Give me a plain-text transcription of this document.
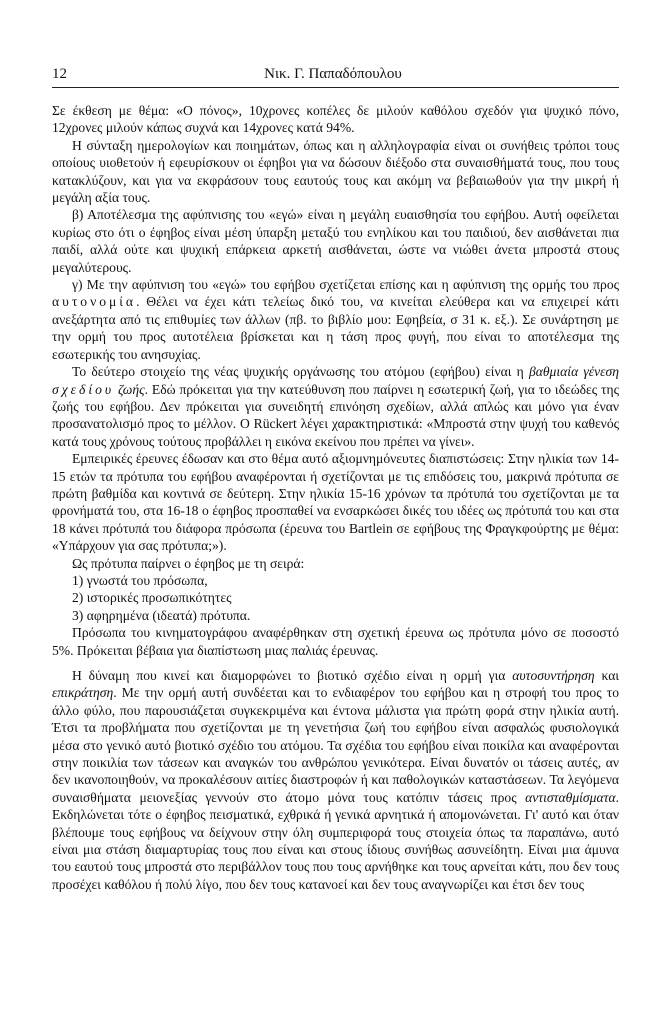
12	Νικ. Γ. Παπαδόπουλου

Σε έκθεση με θέμα: «Ο πόνος», 10χρονες κοπέλες δε μιλούν καθόλου σχεδόν για ψυχικό πόνο, 12χρονες μιλούν κάπως συχνά και 14χρονες κατά 94%.

Η σύνταξη ημερολογίων και ποιημάτων, όπως και η αλληλογραφία είναι οι συνήθεις τρόποι τους οποίους υιοθετούν ή εφευρίσκουν οι έφηβοι για να δώσουν διέξοδο στα συναισθήματά τους, που τους κατακλύζουν, και για να εκφράσουν τους εαυτούς τους και ακόμη να βεβαιωθούν για την μικρή ή μεγάλη αξία τους.

β) Αποτέλεσμα της αφύπνισης του «εγώ» είναι η μεγάλη ευαισθησία του εφήβου. Αυτή οφείλεται κυρίως στο ότι ο έφηβος είναι μέση ύπαρξη μεταξύ του ενηλίκου και του παιδιού, δεν αισθάνεται πια παιδί, αλλά ούτε και ψυχική επάρκεια αρκετή αισθάνεται, ώστε να νιώθει άνετα μπροστά στους μεγαλύτερους.

γ) Με την αφύπνιση του «εγώ» του εφήβου σχετίζεται επίσης και η αφύπνιση της ορμής του προς αυτονομία. Θέλει να έχει κάτι τελείως δικό του, να κινείται ελεύθερα και να επιχειρεί κάτι ανεξάρτητα από τις επιθυμίες των άλλων (πβ. το βιβλίο μου: Εφηβεία, σ 31 κ. εξ.). Σε συνάρτηση με την ορμή του προς αυτοτέλεια βρίσκεται και η τάση προς φυγή, που είναι το αποτέλεσμα της εσωτερικής του ανησυχίας.

Το δεύτερο στοιχείο της νέας ψυχικής οργάνωσης του ατόμου (εφήβου) είναι η βαθμιαία γένεση σχεδίου ζωής. Εδώ πρόκειται για την κατεύθυνση που παίρνει η εσωτερική ζωή, για το ιδεώδες της ζωής του εφήβου. Δεν πρόκειται για συνειδητή επινόηση σχεδίων, αλλά απλώς και μόνο για έναν προσανατολισμό προς το μέλλον. Ο Rückert λέγει χαρακτηριστικά: «Μπροστά στην ψυχή του καθενός κατά τους χρόνους τούτους προβάλλει η εικόνα εκείνου που πρέπει να γίνει».

Εμπειρικές έρευνες έδωσαν και στο θέμα αυτό αξιομνημόνευτες διαπιστώσεις: Στην ηλικία των 14-15 ετών τα πρότυπα του εφήβου αναφέρονται ή σχετίζονται με τις επιδόσεις του, μακρινά πρότυπα σε πρώτη βαθμίδα και κοντινά σε δεύτερη. Στην ηλικία 15-16 χρόνων τα πρότυπά του σχετίζονται με τα φρονήματά του, στα 16-18 ο έφηβος προσπαθεί να ενσαρκώσει δικές του ιδέες ως πρότυπά του και στα 18 κάνει πρότυπά του διάφορα πρόσωπα (έρευνα του Bartlein σε εφήβους της Φραγκφούρτης με θέμα: «Υπάρχουν για σας πρότυπα;»).

Ως πρότυπα παίρνει ο έφηβος με τη σειρά:

1) γνωστά του πρόσωπα,

2) ιστορικές προσωπικότητες

3) αφηρημένα (ιδεατά) πρότυπα.

Πρόσωπα του κινηματογράφου αναφέρθηκαν στη σχετική έρευνα ως πρότυπα μόνο σε ποσοστό 5%. Πρόκειται βέβαια για διαπίστωση μιας παλιάς έρευνας.

Η δύναμη που κινεί και διαμορφώνει το βιοτικό σχέδιο είναι η ορμή για αυτοσυντήρηση και επικράτηση. Με την ορμή αυτή συνδέεται και το ενδιαφέρον του εφήβου και η στροφή του προς το άλλο φύλο, που παρουσιάζεται συγκεκριμένα και έντονα μάλιστα για πρώτη φορά στην ηλικία αυτή. Έτσι τα προβλήματα που σχετίζονται με τη γενετήσια ζωή του εφήβου είναι ασφαλώς φυσιολογικά μέσα στο γενικό αυτό βιοτικό σχέδιο του ατόμου. Τα σχέδια του εφήβου είναι ποικίλα και αναφέρονται στην ποικιλία των τάσεων και αναγκών του ανθρώπου γενικότερα. Είναι δυνατόν οι τάσεις αυτές, αν δεν ικανοποιηθούν, να προκαλέσουν αιτίες διαστροφών ή και παθολογικών καταστάσεων. Τα λεγόμενα συναισθήματα μειονεξίας γεννούν στο άτομο μόνα τους κατόπιν τάσεις προς αντισταθμίσματα. Εκδηλώνεται τότε ο έφηβος πεισματικά, εχθρικά ή γενικά αρνητικά ή απομονώνεται. Γι' αυτό και όταν βλέπουμε τους εφήβους να δείχνουν στην όλη συμπεριφορά τους στοιχεία όπως τα παραπάνω, αυτό είναι μια στάση διαμαρτυρίας τους που είναι και στους ίδιους συνήθως ασυνείδητη. Είναι μια άμυνα του εαυτού τους μπροστά στο περιβάλλον τους που τους αρνήθηκε και τους αρνείται κάτι, που δεν τους προσέχει καθόλου ή πολύ λίγο, που δεν τους κατανοεί και δεν τους αναγνωρίζει και έτσι δεν τους
